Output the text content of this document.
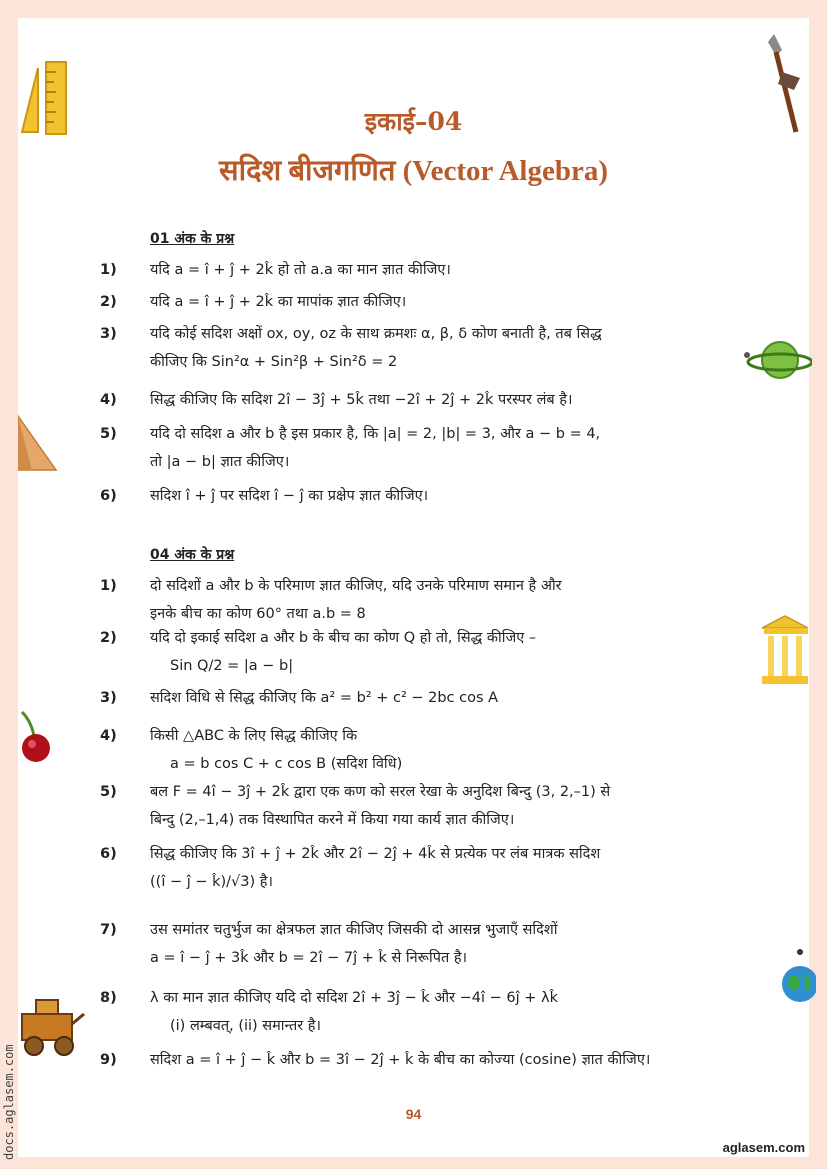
इकाई–04
सदिश बीजगणित (Vector Algebra)
01 अंक के प्रश्न
1)	यदि a = î + ĵ + 2k̂ हो तो a.a का मान ज्ञात कीजिए।
2)	यदि a = î + ĵ + 2k̂ का मापांक ज्ञात कीजिए।
3)	यदि कोई सदिश अक्षों ox, oy, oz के साथ क्रमशः α, β, δ कोण बनाती है, तब सिद्ध
कीजिए कि Sin²α + Sin²β + Sin²δ = 2
4)	सिद्ध कीजिए कि सदिश 2î − 3ĵ + 5k̂ तथा −2î + 2ĵ + 2k̂ परस्पर लंब है।
5)	यदि दो सदिश a और b है इस प्रकार है, कि |a| = 2, |b| = 3, और a − b = 4,
तो |a − b| ज्ञात कीजिए।
6)	सदिश î + ĵ पर सदिश î − ĵ का प्रक्षेप ज्ञात कीजिए।
04 अंक के प्रश्न
1)	दो सदिशों a और b के परिमाण ज्ञात कीजिए, यदि उनके परिमाण समान है और
इनके बीच का कोण 60° तथा a.b = 8
2)	यदि दो इकाई सदिश a और b के बीच का कोण Q हो तो, सिद्ध कीजिए –
Sin Q/2 = |a − b|
3)	सदिश विधि से सिद्ध कीजिए कि a² = b² + c² − 2bc cos A
4)	किसी △ABC के लिए सिद्ध कीजिए कि
a = b cos C + c cos B (सदिश विधि)
5)	बल F = 4î − 3ĵ + 2k̂ द्वारा एक कण को सरल रेखा के अनुदिश बिन्दु (3, 2,–1) से
बिन्दु (2,–1,4) तक विस्थापित करने में किया गया कार्य ज्ञात कीजिए।
6)	सिद्ध कीजिए कि 3î + ĵ + 2k̂ और 2î − 2ĵ + 4k̂ से प्रत्येक पर लंब मात्रक सदिश
((î − ĵ − k̂)/√3) है।
7)	उस समांतर चतुर्भुज का क्षेत्रफल ज्ञात कीजिए जिसकी दो आसन्न भुजाएँ सदिशों
a = î − ĵ + 3k̂ और b = 2î − 7ĵ + k̂ से निरूपित है।
8)	λ का मान ज्ञात कीजिए यदि दो सदिश 2î + 3ĵ − k̂ और −4î − 6ĵ + λk̂
(i) लम्बवत्, (ii) समान्तर है।
9)	सदिश a = î + ĵ − k̂ और b = 3î − 2ĵ + k̂ के बीच का कोज्या (cosine) ज्ञात कीजिए।
94
aglasem.com
docs.aglasem.com
